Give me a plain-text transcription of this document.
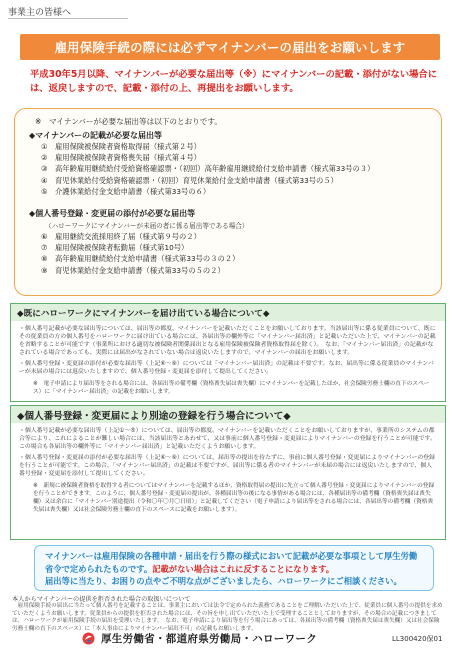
事業主の皆様へ
雇用保険手続の際には必ずマイナンバーの届出をお願いします
平成30年5月以降、マイナンバーが必要な届出等（※）にマイナンバーの記載・添付がない場合には、返戻しますので、記載・添付の上、再提出をお願いします。
※　マイナンバーが必要な届出等は以下のとおりです。
◆マイナンバーの記載が必要な届出等
①	雇用保険被保険者資格取得届（様式第２号）
②	雇用保険被保険者資格喪失届（様式第４号）
③	高年齢雇用継続給付受給資格確認票・（初回）高年齢雇用継続給付支給申請書（様式第33号の３）
④	育児休業給付受給資格確認票・（初回）育児休業給付金支給申請書（様式第33号の５）
⑤	介護休業給付金支給申請書（様式第33号の６）
◆個人番号登録・変更届の添付が必要な届出等
（ハローワークにマイナンバーが未届の者に係る届出等である場合）
⑥	雇用継続交流採用終了届（様式第９号の２）
⑦	雇用保険被保険者転勤届（様式第10号）
⑧	高年齢雇用継続給付支給申請書（様式第33号の３の２）
⑨	育児休業給付金支給申請書（様式第33号の５の２）
◆既にハローワークにマイナンバーを届け出ている場合について◆

・個人番号記載が必要な届出等については、届出等の都度、マイナンバーを記載いただくことをお願いしております。当該届出等に係る従業員について、既にその従業員の方の個人番号をハローワークに届け出ている場合には、各届出等の欄外等に「マイナンバー届出済」と記載いただいた上で、マイナンバーの記載を省略することが可能です（事業所における適切な被保険者関係届出となる雇用保険被保険者資格取得届を除く）。　なお、「マイナンバー届出済」の記載がなされている場合であっても、実際には届出がなされていない場合は返戻いたしますので、マイナンバーの届出をお願いします。

・個人番号登録・変更届の添付が必要な届出等（上記⑥〜⑨）については「マイナンバー届出済」の記載は不要です。なお、届出等に係る従業員のマイナンバーが未届の場合には返戻いたしますので、個人番号登録・変更届を添付して提出してください。

※　電子申請により届出等をされる場合には、各届出等の備考欄（資格喪失届は喪失欄）にマイナンバーを記載したほか、社会保険労務士欄の直下のスペース）に「マイナンバー届出済」の記載をお願いします。

◆個人番号登録・変更届により別途の登録を行う場合について◆

・個人番号記載が必要な届出等（上記①〜⑤）については、届出等の都度、マイナンバーを記載いただくことをお願いしておりますが、事業所のシステムの都合等により、これによることが難しい場合には、当該届出等とあわせて、又は事前に個人番号登録・変更届によりマイナンバーの登録を行うことが可能です。この場合も各届出等の欄外等に「マイナンバー届出済」と記載いただくようお願いします。

・個人番号登録・変更届の添付が必要な届出等（上記⑥〜⑨）については、届出等の提出を待たずに、事前に個人番号登録・変更届によりマイナンバーの登録を行うことが可能です。この場合、「マイナンバー届出済」の記載は不要ですが、届出等に係る者のマイナンバーが未届の場合には返戻いたしますので、個人番号登録・変更届を添付して提出してください。

※　新規に被保険者資格を取得する者についてはマイナンバーを記載するほか、資格取得届の提出に先立って個人番号登録・変更届によりマイナンバーの登録を行うことができます。このように、個人番号登録・変更届の提出が、各種届出等の後になる事情がある場合には、各種届出等の備考欄（資格喪失届は喪失欄）又は余白に「マイナンバー別途提出（令和〇年〇月〇日頃）」と記載してください（電子申請により届出等をされる場合には、各届出等の備考欄（資格喪失届は喪失欄）又は社会保険労務士欄の直下のスペースに記載をお願いします）。

マイナンバーは雇用保険の各種申請・届出を行う際の様式において記載が必要な事項として厚生労働省令で定められたものです。記載がない場合はこれに反することになります。
届出等に当たり、お困りの点やご不明な点がございましたら、ハローワークにご相談ください。
本人からマイナンバーの提供を拒否された場合の取扱いについて
　雇用保険手続の届出に当たって個人番号を記載することは、事業主においては法令で定められた義務であることをご理解いただいた上で、従業員に個人番号の提供を求めていただくようお願いします。従業員からの提供を拒否された場合には、その旨を申し出ていただいた上で受理することとしておりますが、その場合の記載につきましては、ハローワークが雇用保険手続の届出を受理いたします。　なお、電子申請により届出等を行う場合にあっては、各届出等の備考欄（資格喪失届は喪失欄）又は社会保険労務士欄の直下のスペース）に「本人事由によりマイナンバー届出不可」の記載もお願いします。
厚生労働省・都道府県労働局・ハローワーク	LL300420保01
